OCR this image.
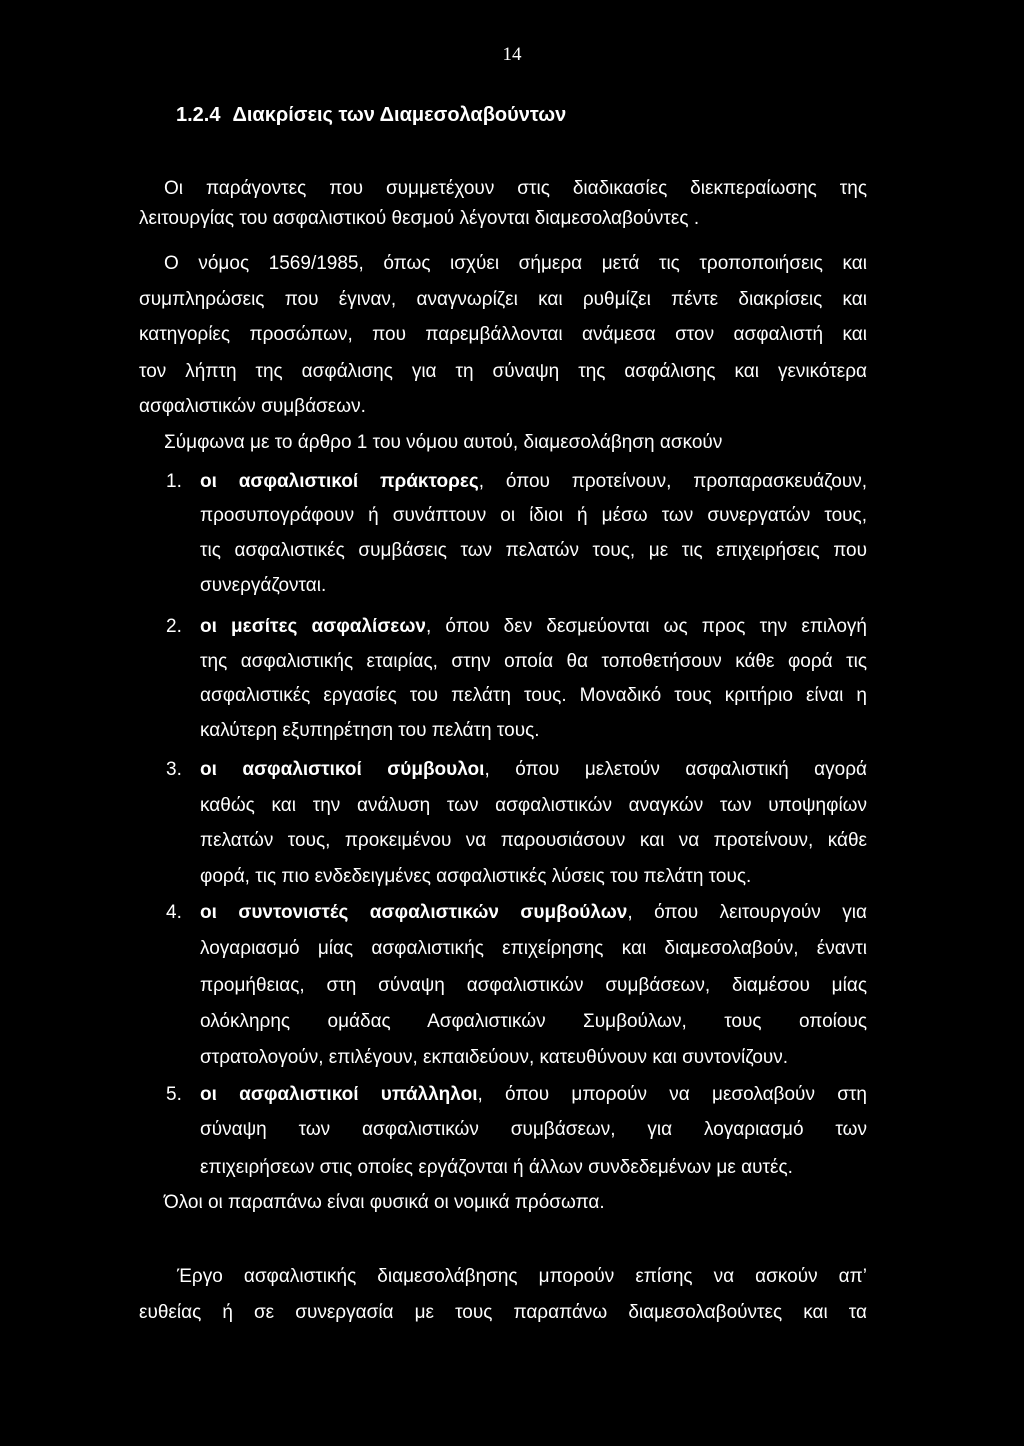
14
1.2.4 Διακρίσεις των Διαμεσολαβούντων
Οι παράγοντες που συμμετέχουν στις διαδικασίες διεκπεραίωσης της
λειτουργίας του ασφαλιστικού θεσμού λέγονται διαμεσολαβούντες .
Ο νόμος 1569/1985, όπως ισχύει σήμερα μετά τις τροποποιήσεις και
συμπληρώσεις που έγιναν, αναγνωρίζει και ρυθμίζει πέντε διακρίσεις και
κατηγορίες προσώπων, που παρεμβάλλονται ανάμεσα στον ασφαλιστή και
τον λήπτη της ασφάλισης για τη σύναψη της ασφάλισης και γενικότερα
ασφαλιστικών συμβάσεων.
Σύμφωνα με το άρθρο 1 του νόμου αυτού, διαμεσολάβηση ασκούν
1. οι ασφαλιστικοί πράκτορες, όπου προτείνουν, προπαρασκευάζουν,
προσυπογράφουν ή συνάπτουν οι ίδιοι ή μέσω των συνεργατών τους,
τις ασφαλιστικές συμβάσεις των πελατών τους, με τις επιχειρήσεις που
συνεργάζονται.
2. οι μεσίτες ασφαλίσεων, όπου δεν δεσμεύονται ως προς την επιλογή
της ασφαλιστικής εταιρίας, στην οποία θα τοποθετήσουν κάθε φορά τις
ασφαλιστικές εργασίες του πελάτη τους. Μοναδικό τους κριτήριο είναι η
καλύτερη εξυπηρέτηση του πελάτη τους.
3. οι ασφαλιστικοί σύμβουλοι, όπου μελετούν ασφαλιστική αγορά
καθώς και την ανάλυση των ασφαλιστικών αναγκών των υποψηφίων
πελατών τους, προκειμένου να παρουσιάσουν και να προτείνουν, κάθε
φορά, τις πιο ενδεδειγμένες ασφαλιστικές λύσεις του πελάτη τους.
4. οι συντονιστές ασφαλιστικών συμβούλων, όπου λειτουργούν για
λογαριασμό μίας ασφαλιστικής επιχείρησης και διαμεσολαβούν, έναντι
προμήθειας, στη σύναψη ασφαλιστικών συμβάσεων, διαμέσου μίας
ολόκληρης ομάδας Ασφαλιστικών Συμβούλων, τους οποίους
στρατολογούν, επιλέγουν, εκπαιδεύουν, κατευθύνουν και συντονίζουν.
5. οι ασφαλιστικοί υπάλληλοι, όπου μπορούν να μεσολαβούν στη
σύναψη των ασφαλιστικών συμβάσεων, για λογαριασμό των
επιχειρήσεων στις οποίες εργάζονται ή άλλων συνδεδεμένων με αυτές.
Όλοι οι παραπάνω είναι φυσικά οι νομικά πρόσωπα.
Έργο ασφαλιστικής διαμεσολάβησης μπορούν επίσης να ασκούν απ’
ευθείας ή σε συνεργασία με τους παραπάνω διαμεσολαβούντες και τα
